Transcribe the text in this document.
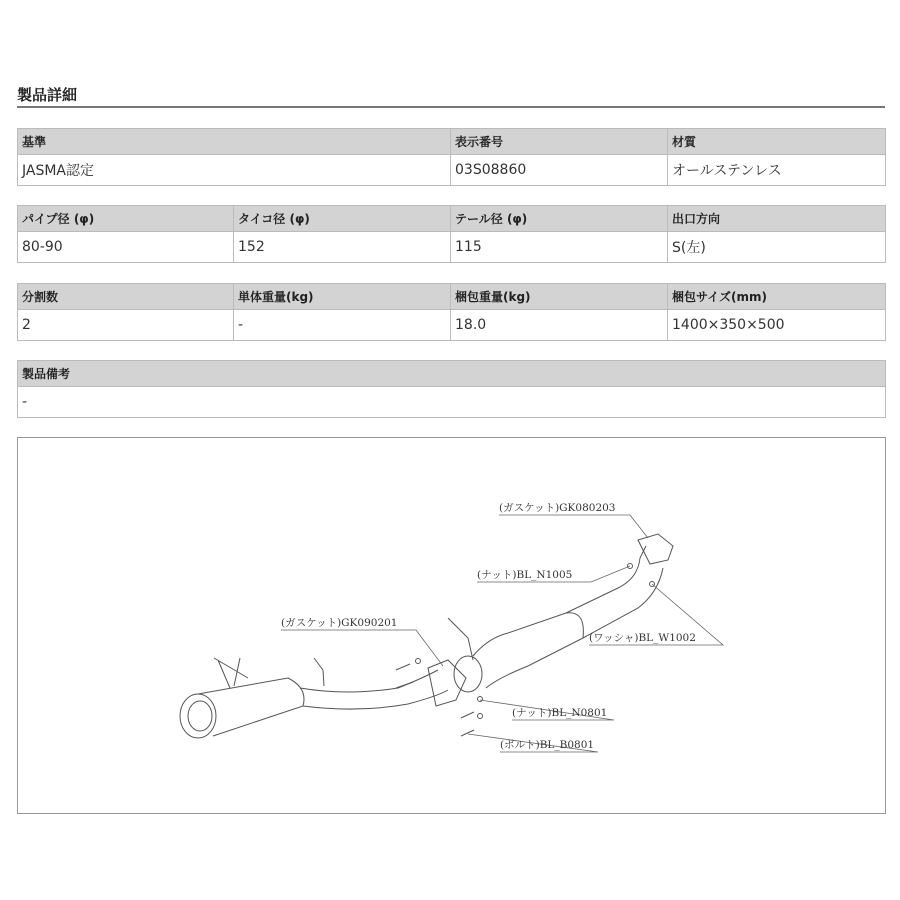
製品詳細
基準	表示番号	材質
JASMA認定	03S08860	オールステンレス
パイプ径 (φ)	タイコ径 (φ)	テール径 (φ)	出口方向
80-90	152	115	S(左)
分割数	単体重量(kg)	梱包重量(kg)	梱包サイズ(mm)
2	-	18.0	1400×350×500
製品備考
-
(ガスケット)GK080203
(ナット)BL_N1005
(ガスケット)GK090201
(ワッシャ)BL_W1002
(ナット)BL_N0801
(ボルト)BL_B0801
